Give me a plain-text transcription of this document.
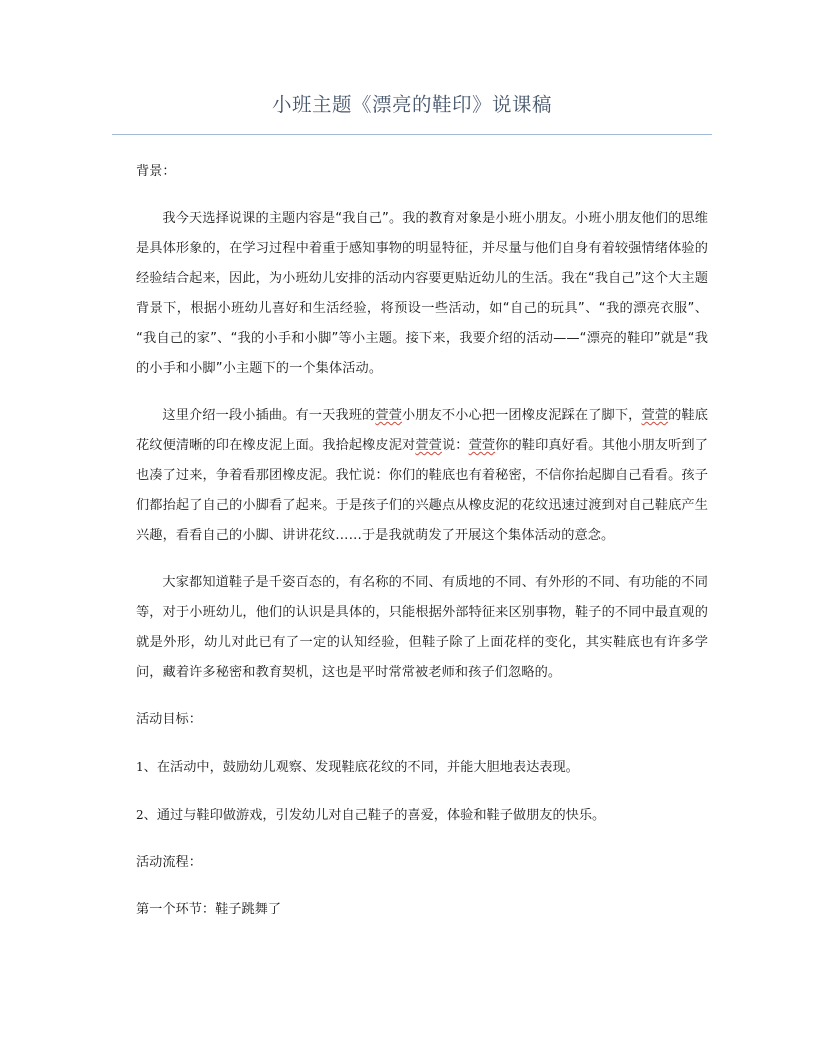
小班主题《漂亮的鞋印》说课稿

背景：

我今天选择说课的主题内容是“我自己”。我的教育对象是小班小朋友。小班小朋友他们的思维是具体形象的，在学习过程中着重于感知事物的明显特征，并尽量与他们自身有着较强情绪体验的经验结合起来，因此，为小班幼儿安排的活动内容要更贴近幼儿的生活。我在“我自己”这个大主题背景下，根据小班幼儿喜好和生活经验，将预设一些活动，如“自己的玩具”、“我的漂亮衣服”、“我自己的家”、“我的小手和小脚”等小主题。接下来，我要介绍的活动——“漂亮的鞋印”就是“我的小手和小脚”小主题下的一个集体活动。

这里介绍一段小插曲。有一天我班的萱萱小朋友不小心把一团橡皮泥踩在了脚下，萱萱的鞋底花纹便清晰的印在橡皮泥上面。我拾起橡皮泥对萱萱说：萱萱你的鞋印真好看。其他小朋友听到了也凑了过来，争着看那团橡皮泥。我忙说：你们的鞋底也有着秘密，不信你抬起脚自己看看。孩子们都抬起了自己的小脚看了起来。于是孩子们的兴趣点从橡皮泥的花纹迅速过渡到对自己鞋底产生兴趣，看看自己的小脚、讲讲花纹……于是我就萌发了开展这个集体活动的意念。

大家都知道鞋子是千姿百态的，有名称的不同、有质地的不同、有外形的不同、有功能的不同等，对于小班幼儿，他们的认识是具体的，只能根据外部特征来区别事物，鞋子的不同中最直观的就是外形，幼儿对此已有了一定的认知经验，但鞋子除了上面花样的变化，其实鞋底也有许多学问，藏着许多秘密和教育契机，这也是平时常常被老师和孩子们忽略的。

活动目标：

1、在活动中，鼓励幼儿观察、发现鞋底花纹的不同，并能大胆地表达表现。

2、通过与鞋印做游戏，引发幼儿对自己鞋子的喜爱，体验和鞋子做朋友的快乐。

活动流程：

第一个环节：鞋子跳舞了
